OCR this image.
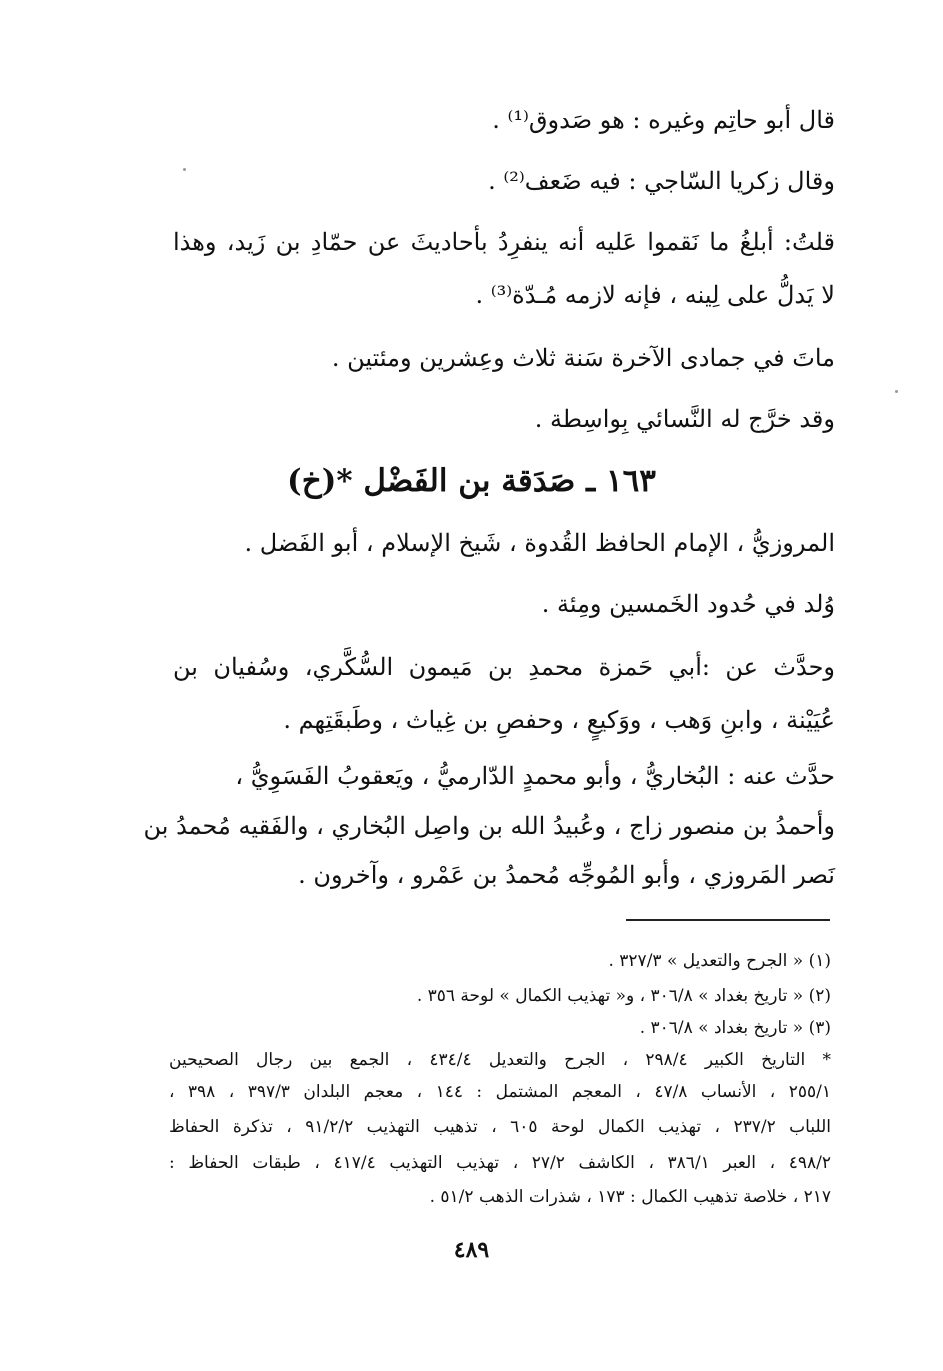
قال أبو حاتِم وغيره : هو صَدوق⁽¹⁾ .
وقال زكريا السّاجي : فيه ضَعف⁽²⁾ .
قلتُ: أبلغُ ما نَقموا عَليه أنه ينفرِدُ بأحاديثَ عن حمّادِ بن زَيد، وهذا
لا يَدلُّ على لِينه ، فإنه لازمه مُـدّة⁽³⁾ .
ماتَ في جمادى الآخرة سَنة ثلاث وعِشرين ومئتين .
وقد خرَّج له النَّسائي بِواسِطة .
١٦٣ ـ صَدَقة بن الفَضْل *(خ)
المروزيُّ ، الإمام الحافظ القُدوة ، شَيخ الإسلام ، أبو الفَضل .
وُلد في حُدود الخَمسين ومِئة .
وحدَّث عن :أبي حَمزة محمدِ بن مَيمون السُّكَّري، وسُفيان بن
عُيَيْنة ، وابنِ وَهب ، ووَكيعٍ ، وحفصِ بن غِياث ، وطَبقَتِهم .
حدَّث عنه : البُخاريُّ ، وأبو محمدٍ الدّارميُّ ، ويَعقوبُ الفَسَوِيُّ ،
وأحمدُ بن منصور زاج ، وعُبيدُ الله بن واصِل البُخاري ، والفَقيه مُحمدُ بن
نَصر المَروزي ، وأبو المُوجِّه مُحمدُ بن عَمْرو ، وآخرون .
(١) « الجرح والتعديل » ٣٢٧/٣ .
(٢) « تاريخ بغداد » ٣٠٦/٨ ، و« تهذيب الكمال » لوحة ٣٥٦ .
(٣) « تاريخ بغداد » ٣٠٦/٨ .
* التاريخ الكبير ٢٩٨/٤ ، الجرح والتعديل ٤٣٤/٤ ، الجمع بين رجال الصحيحين
٢٥٥/١ ، الأنساب ٤٧/٨ ، المعجم المشتمل : ١٤٤ ، معجم البلدان ٣٩٧/٣ ، ٣٩٨ ،
اللباب ٢٣٧/٢ ، تهذيب الكمال لوحة ٦٠٥ ، تذهيب التهذيب ٩١/٢/٢ ، تذكرة الحفاظ
٤٩٨/٢ ، العبر ٣٨٦/١ ، الكاشف ٢٧/٢ ، تهذيب التهذيب ٤١٧/٤ ، طبقات الحفاظ :
٢١٧ ، خلاصة تذهيب الكمال : ١٧٣ ، شذرات الذهب ٥١/٢ .
٤٨٩
